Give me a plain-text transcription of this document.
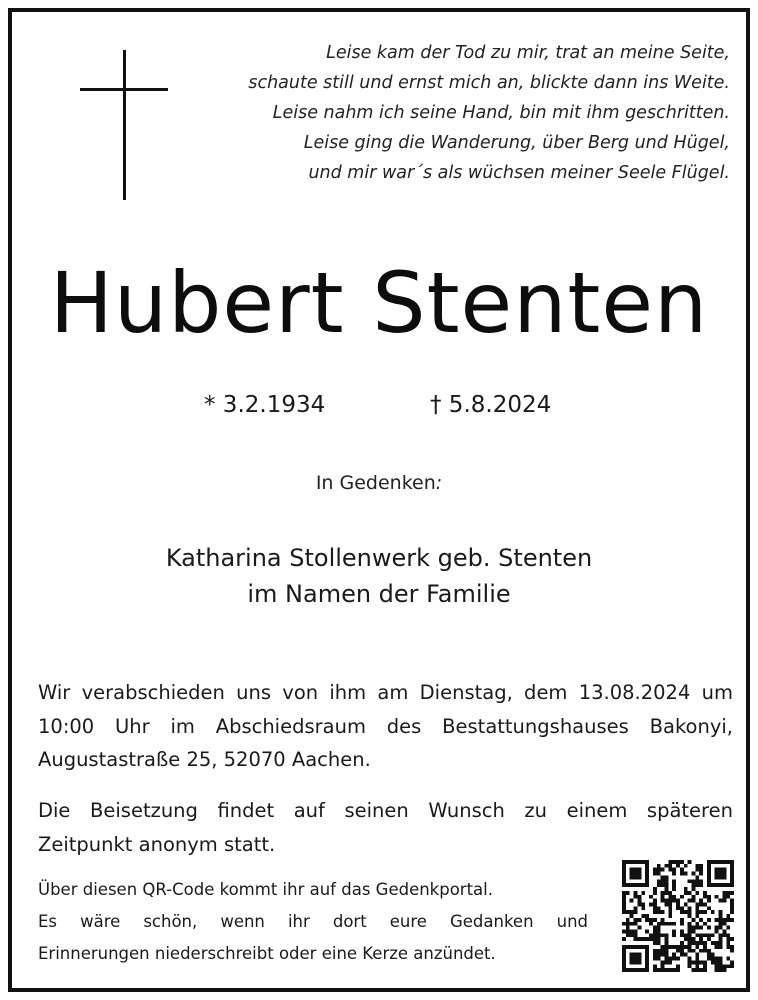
Leise kam der Tod zu mir, trat an meine Seite,
schaute still und ernst mich an, blickte dann ins Weite.
Leise nahm ich seine Hand, bin mit ihm geschritten.
Leise ging die Wanderung, über Berg und Hügel,
und mir war´s als wüchsen meiner Seele Flügel.
Hubert Stenten
* 3.2.1934	† 5.8.2024
In Gedenken:
Katharina Stollenwerk geb. Stenten
im Namen der Familie
Wir verabschieden uns von ihm am Dienstag, dem 13.08.2024 um
10:00 Uhr im Abschiedsraum des Bestattungshauses Bakonyi,
Augustastraße 25, 52070 Aachen.
Die Beisetzung findet auf seinen Wunsch zu einem späteren
Zeitpunkt anonym statt.
Über diesen QR-Code kommt ihr auf das Gedenkportal.
Es wäre schön, wenn ihr dort eure Gedanken und
Erinnerungen niederschreibt oder eine Kerze anzündet.
